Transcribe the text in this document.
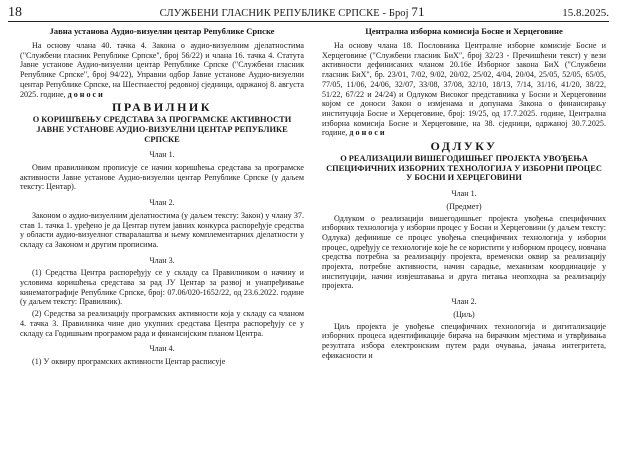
18	СЛУЖБЕНИ ГЛАСНИК РЕПУБЛИКЕ СРПСКЕ - Број 71	15.8.2025.
Јавна установа Аудио-визуелни центар Републике Српске

На основу члана 40. тачка 4. Закона о аудио-визуелним дјелатностима ("Службени гласник Републике Српске", број 56/22) и члана 16. тачка 4. Статута Јавне установе Аудио-визуелни центар Републике Српске ("Службени гласник Републике Српске", број 94/22), Управни одбор Јавне установе Аудио-визуелни центар Републике Српске, на Шестнаестој редовној сједници, одржаној 8. августа 2025. године, д о н о с и

ПРАВИЛНИК
О КОРИШЋЕЊУ СРЕДСТАВА ЗА ПРОГРАМСКЕ АКТИВНОСТИ ЈАВНЕ УСТАНОВЕ АУДИО-ВИЗУЕЛНИ ЦЕНТАР РЕПУБЛИКЕ СРПСКЕ
Члан 1.

Овим правилником прописује се начин коришћења средстава за програмске активности Јавне установе Аудио-визуелни центар Републике Српске (у даљем тексту: Центар).

Члан 2.

Законом о аудио-визуелним дјелатностима (у даљем тексту: Закон) у члану 37. став 1. тачка 1. уређено је да Центар путем јавних конкурса распоређује средства у области аудио-визуелног стваралаштва и њему комплементарних дјелатности у складу са Законом и другим прописима.

Члан 3.

(1) Средства Центра распоређују се у складу са Правилником о начину и условима коришћења средстава за рад ЈУ Центар за развој и унапређивање кинематографије Републике Српске, број: 07.06/020-1652/22, од 23.6.2022. године (у даљем тексту: Правилник).

(2) Средства за реализацију програмских активности која у складу са чланом 4. тачка 3. Правилника чине дио укупних средстава Центра распоређују се у складу са Годишњим програмом рада и финансијским планом Центра.

Члан 4.

(1) У оквиру програмских активности Центар расписује

Централна изборна комисија Босне и Херцеговине

На основу члана 18. Пословника Централне изборне комисије Босне и Херцеговине ("Службени гласник БиХ", број 32/23 - Пречишћени текст) у вези активности дефинисаних чланом 20.16е Изборног закона БиХ ("Службени гласник БиХ", бр. 23/01, 7/02, 9/02, 20/02, 25/02, 4/04, 20/04, 25/05, 52/05, 65/05, 77/05, 11/06, 24/06, 32/07, 33/08, 37/08, 32/10, 18/13, 7/14, 31/16, 41/20, 38/22, 51/22, 67/22 и 24/24) и Одлуком Високог представника у Босни и Херцеговини којом се доноси Закон о измјенама и допунама Закона о финансирању институција Босне и Херцеговине, број: 19/25, од 17.7.2025. године, Централна изборна комисија Босне и Херцеговине, на 38. сједници, одржаној 30.7.2025. године, д о н о с и

ОДЛУКУ
О РЕАЛИЗАЦИЈИ ВИШЕГОДИШЊЕГ ПРОЈЕКТА УВОЂЕЊА СПЕЦИФИЧНИХ ИЗБОРНИХ ТЕХНОЛОГИЈА У ИЗБОРНИ ПРОЦЕС У БОСНИ И ХЕРЦЕГОВИНИ
Члан 1.
(Предмет)

Одлуком о реализацији вишегодишњег пројекта увођења специфичних изборних технологија у изборни процес у Босни и Херцеговини (у даљем тексту: Одлука) дефинише се процес увођења специфичних технологија у изборни процес, одређују се технологије које ће се користити у изборном процесу, новчана средства потребна за реализацију пројекта, временски оквир за реализацију пројекта, потребне активности, начин сарадње, механизам координације у институцији, начин извјештавања и друга питања неопходна за реализацију пројекта.

Члан 2.
(Циљ)

Циљ пројекта је увођење специфичних технологија и дигитализације изборних процеса идентификације бирача на бирачким мјестима и утврђивања резултата избора електронским путем ради очувања, јачања интегритета, ефикасности и
